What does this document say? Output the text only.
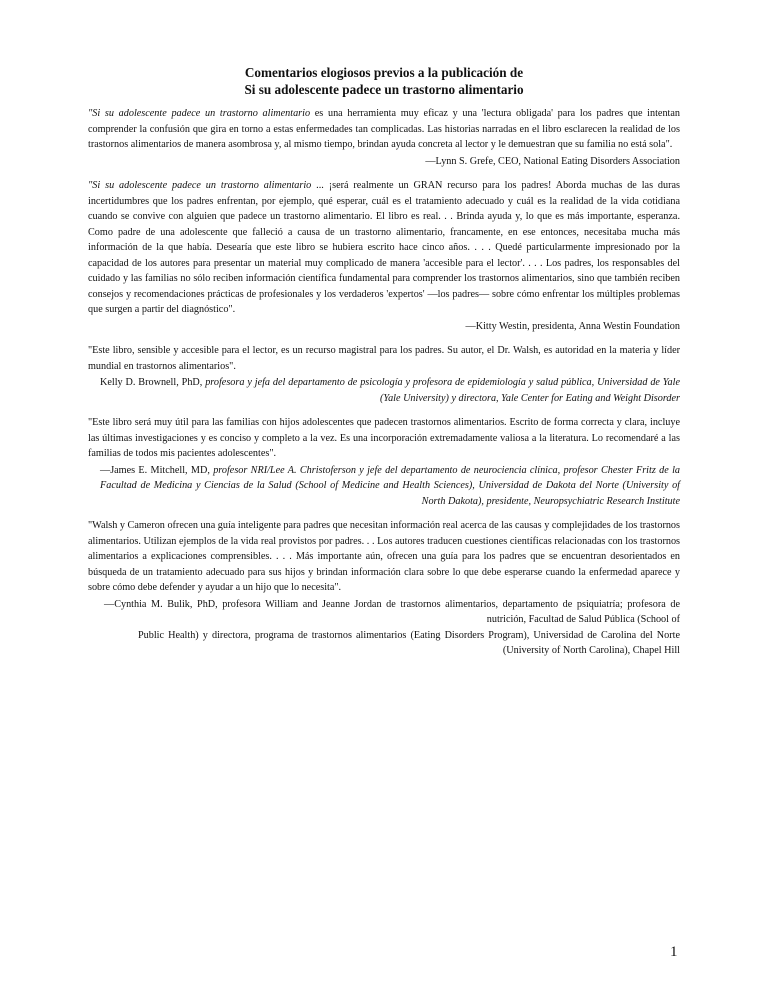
Comentarios elogiosos previos a la publicación de
Si su adolescente padece un trastorno alimentario

"Si su adolescente padece un trastorno alimentario es una herramienta muy eficaz y una 'lectura obligada' para los padres que intentan comprender la confusión que gira en torno a estas enfermedades tan complicadas. Las historias narradas en el libro esclarecen la realidad de los trastornos alimentarios de manera asombrosa y, al mismo tiempo, brindan ayuda concreta al lector y le demuestran que su familia no está sola".

—Lynn S. Grefe, CEO, National Eating Disorders Association

"Si su adolescente padece un trastorno alimentario ... ¡será realmente un GRAN recurso para los padres! Aborda muchas de las duras incertidumbres que los padres enfrentan, por ejemplo, qué esperar, cuál es el tratamiento adecuado y cuál es la realidad de la vida cotidiana cuando se convive con alguien que padece un trastorno alimentario. El libro es real. . . Brinda ayuda y, lo que es más importante, esperanza. Como padre de una adolescente que falleció a causa de un trastorno alimentario, francamente, en ese entonces, necesitaba mucha más información de la que había. Desearía que este libro se hubiera escrito hace cinco años. . . . Quedé particularmente impresionado por la capacidad de los autores para presentar un material muy complicado de manera 'accesible para el lector'. . . . Los padres, los responsables del cuidado y las familias no sólo reciben información científica fundamental para comprender los trastornos alimentarios, sino que también reciben consejos y recomendaciones prácticas de profesionales y los verdaderos 'expertos' —los padres— sobre cómo enfrentar los múltiples problemas que surgen a partir del diagnóstico".

—Kitty Westin, presidenta, Anna Westin Foundation

"Este libro, sensible y accesible para el lector, es un recurso magistral para los padres. Su autor, el Dr. Walsh, es autoridad en la materia y líder mundial en trastornos alimentarios".

Kelly D. Brownell, PhD, profesora y jefa del departamento de psicología y profesora de epidemiología y salud pública, Universidad de Yale (Yale University) y directora, Yale Center for Eating and Weight Disorder

"Este libro será muy útil para las familias con hijos adolescentes que padecen trastornos alimentarios. Escrito de forma correcta y clara, incluye las últimas investigaciones y es conciso y completo a la vez. Es una incorporación extremadamente valiosa a la literatura. Lo recomendaré a las familias de todos mis pacientes adolescentes".

—James E. Mitchell, MD, profesor NRI/Lee A. Christoferson y jefe del departamento de neurociencia clínica, profesor Chester Fritz de la Facultad de Medicina y Ciencias de la Salud (School of Medicine and Health Sciences), Universidad de Dakota del Norte (University of North Dakota), presidente, Neuropsychiatric Research Institute

"Walsh y Cameron ofrecen una guía inteligente para padres que necesitan información real acerca de las causas y complejidades de los trastornos alimentarios. Utilizan ejemplos de la vida real provistos por padres. . . Los autores traducen cuestiones científicas relacionadas con los trastornos alimentarios a explicaciones comprensibles. . . . Más importante aún, ofrecen una guía para los padres que se encuentran desorientados en búsqueda de un tratamiento adecuado para sus hijos y brindan información clara sobre lo que debe esperarse cuando la enfermedad aparece y sobre cómo debe defender y ayudar a un hijo que lo necesita".

—Cynthia M. Bulik, PhD, profesora William and Jeanne Jordan de trastornos alimentarios, departamento de psiquiatría; profesora de nutrición, Facultad de Salud Pública (School of
Public Health) y directora, programa de trastornos alimentarios (Eating Disorders Program), Universidad de Carolina del Norte (University of North Carolina), Chapel Hill
1
